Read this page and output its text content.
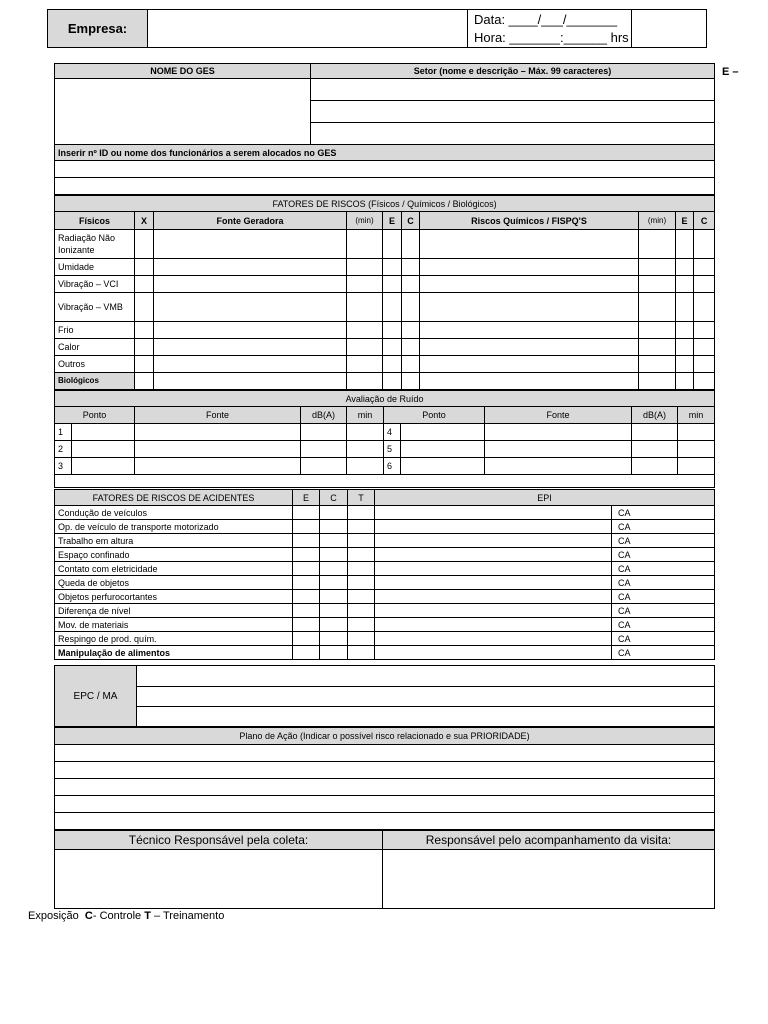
Empresa:		
Data: ____/___/_______
Hora: _______:______ hrs

E –
NOME DO GES	Setor (nome e descrição – Máx. 99 caracteres)

Inserir nº ID ou nome dos funcionários a serem alocados no GES	

FATORES DE RISCOS (Físicos / Químicos / Biológicos)									
Físicos	X	Fonte Geradora	(min)	E	C	Riscos Químicos / FISPQ'S	(min)	E	C
Radiação Não Ionizante									
Umidade									
Vibração – VCI									
Vibração – VMB									
Frio									
Calor									
Outros									
Biológicos									
Avaliação de Ruído									
Ponto		Fonte	dB(A)	min	Ponto		Fonte	dB(A)	min
1					4				
2					5				
3					6				

FATORES DE RISCOS DE ACIDENTES	E	C	T	EPI	
Condução de veículos					CA
Op. de veículo de transporte motorizado					CA
Trabalho em altura					CA
Espaço confinado					CA
Contato com eletricidade					CA
Queda de objetos					CA
Objetos perfurocortantes					CA
Diferença de nível					CA
Mov. de materiais					CA
Respingo de prod. quím.					CA
Manipulação de alimentos					CA
EPC / MA	

Plano de Ação (Indicar o possível risco relacionado e sua PRIORIDADE)

Técnico Responsável pela coleta:	Responsável pelo acompanhamento da visita:

Exposição C- Controle T – Treinamento
